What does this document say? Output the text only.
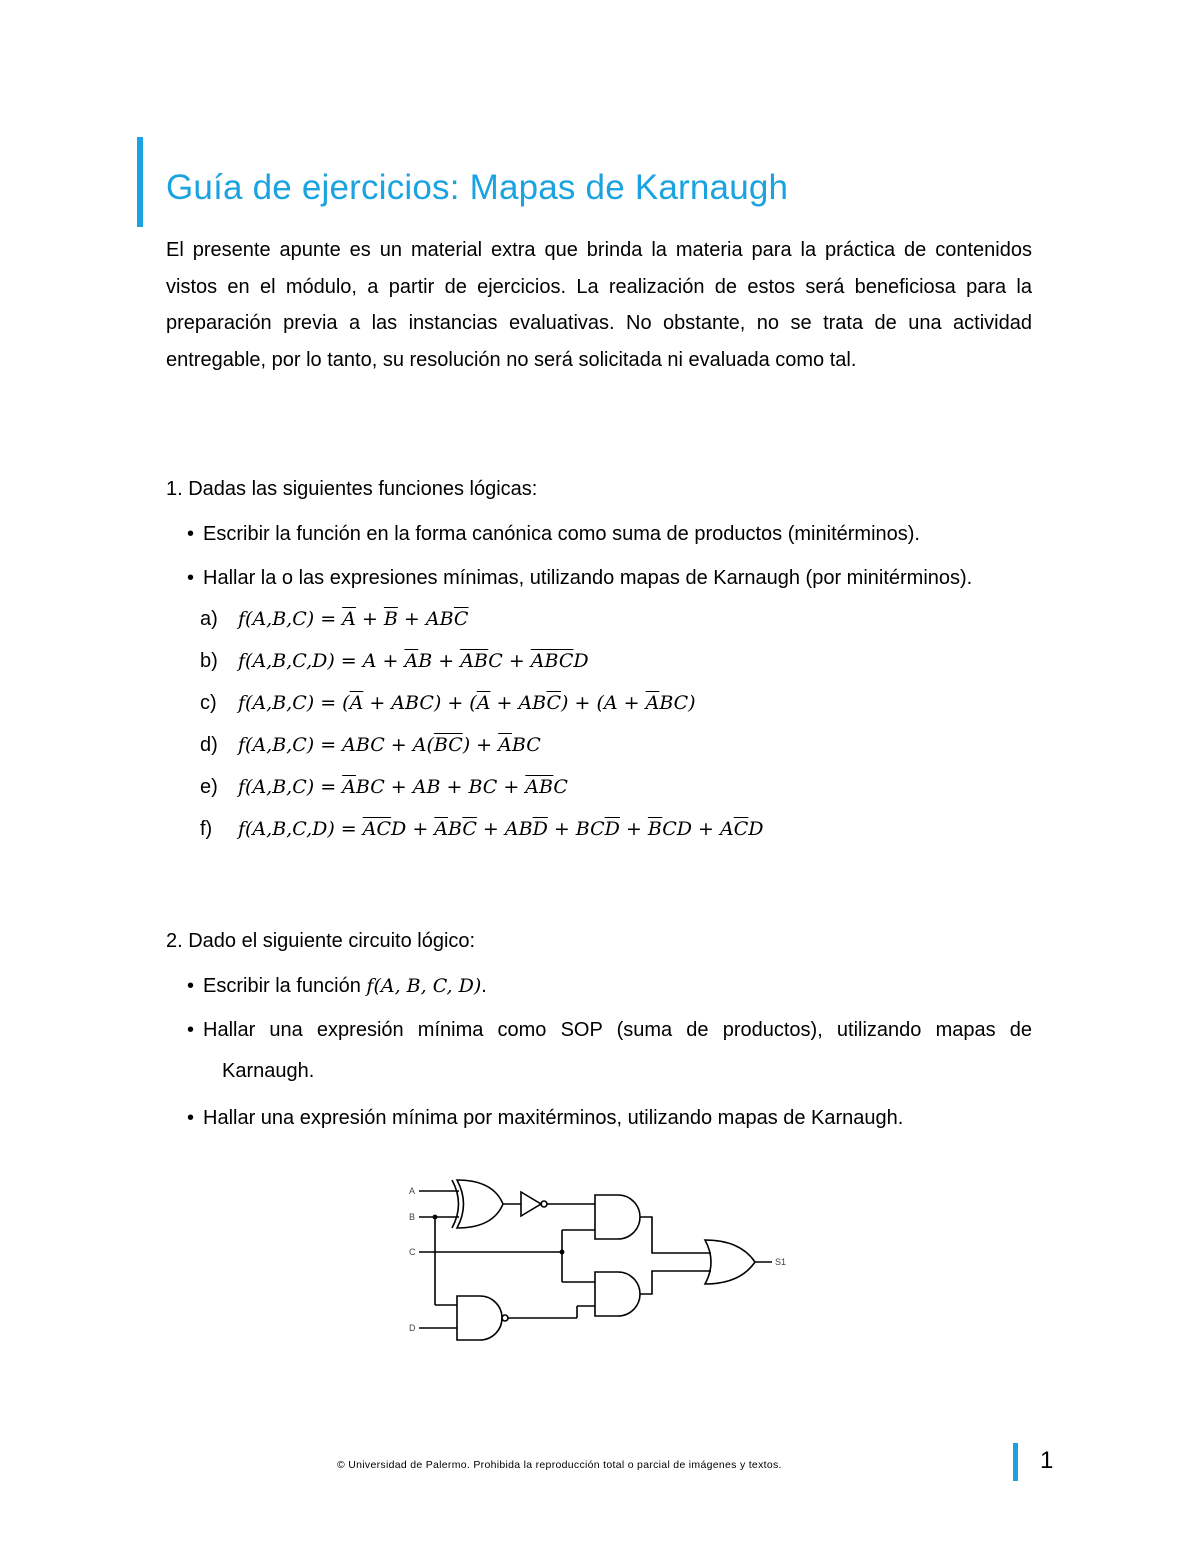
Guía de ejercicios: Mapas de Karnaugh

El presente apunte es un material extra que brinda la materia para la práctica de contenidos vistos en el módulo, a partir de ejercicios. La realización de estos será beneficiosa para la preparación previa a las instancias evaluativas. No obstante, no se trata de una actividad entregable, por lo tanto, su resolución no será solicitada ni evaluada como tal.

1. Dadas las siguientes funciones lógicas:

• Escribir la función en la forma canónica como suma de productos (minitérminos).

• Hallar la o las expresiones mínimas, utilizando mapas de Karnaugh (por minitérminos).

a) $f(A,B,C) = \overline{A} + \overline{B} + AB\overline{C}$

b) $f(A,B,C,D) = A + \overline{A}B + \overline{A}\overline{B}C + \overline{A}\overline{B}\overline{C}D$

c) $f(A,B,C) = (\overline{A} + ABC) + (\overline{A} + AB\overline{C}) + (A + \overline{A}BC)$

d) f(A,B,C) = ABC + $A(\overline{BC}) + \overline{A}BC$

e) $f(A,B,C) = \overline{A}BC$ + AB + BC + $\overline{A}\overline{B}C$

f) $f(A,B,C,D) = \overline{A}\overline{C}D + \overline{A}B\overline{C} + AB\overline{D} + BC\overline{D} + \overline{B}CD + A\overline{C}D$

2. Dado el siguiente circuito lógico:

• Escribir la función f(A, B, C, D).

• Hallar una expresión mínima como SOP (suma de productos), utilizando mapas de

Karnaugh.

• Hallar una expresión mínima por maxitérminos, utilizando mapas de Karnaugh.

A
B
C
D
S1

© Universidad de Palermo. Prohibida la reproducción total o parcial de imágenes y textos.	1
